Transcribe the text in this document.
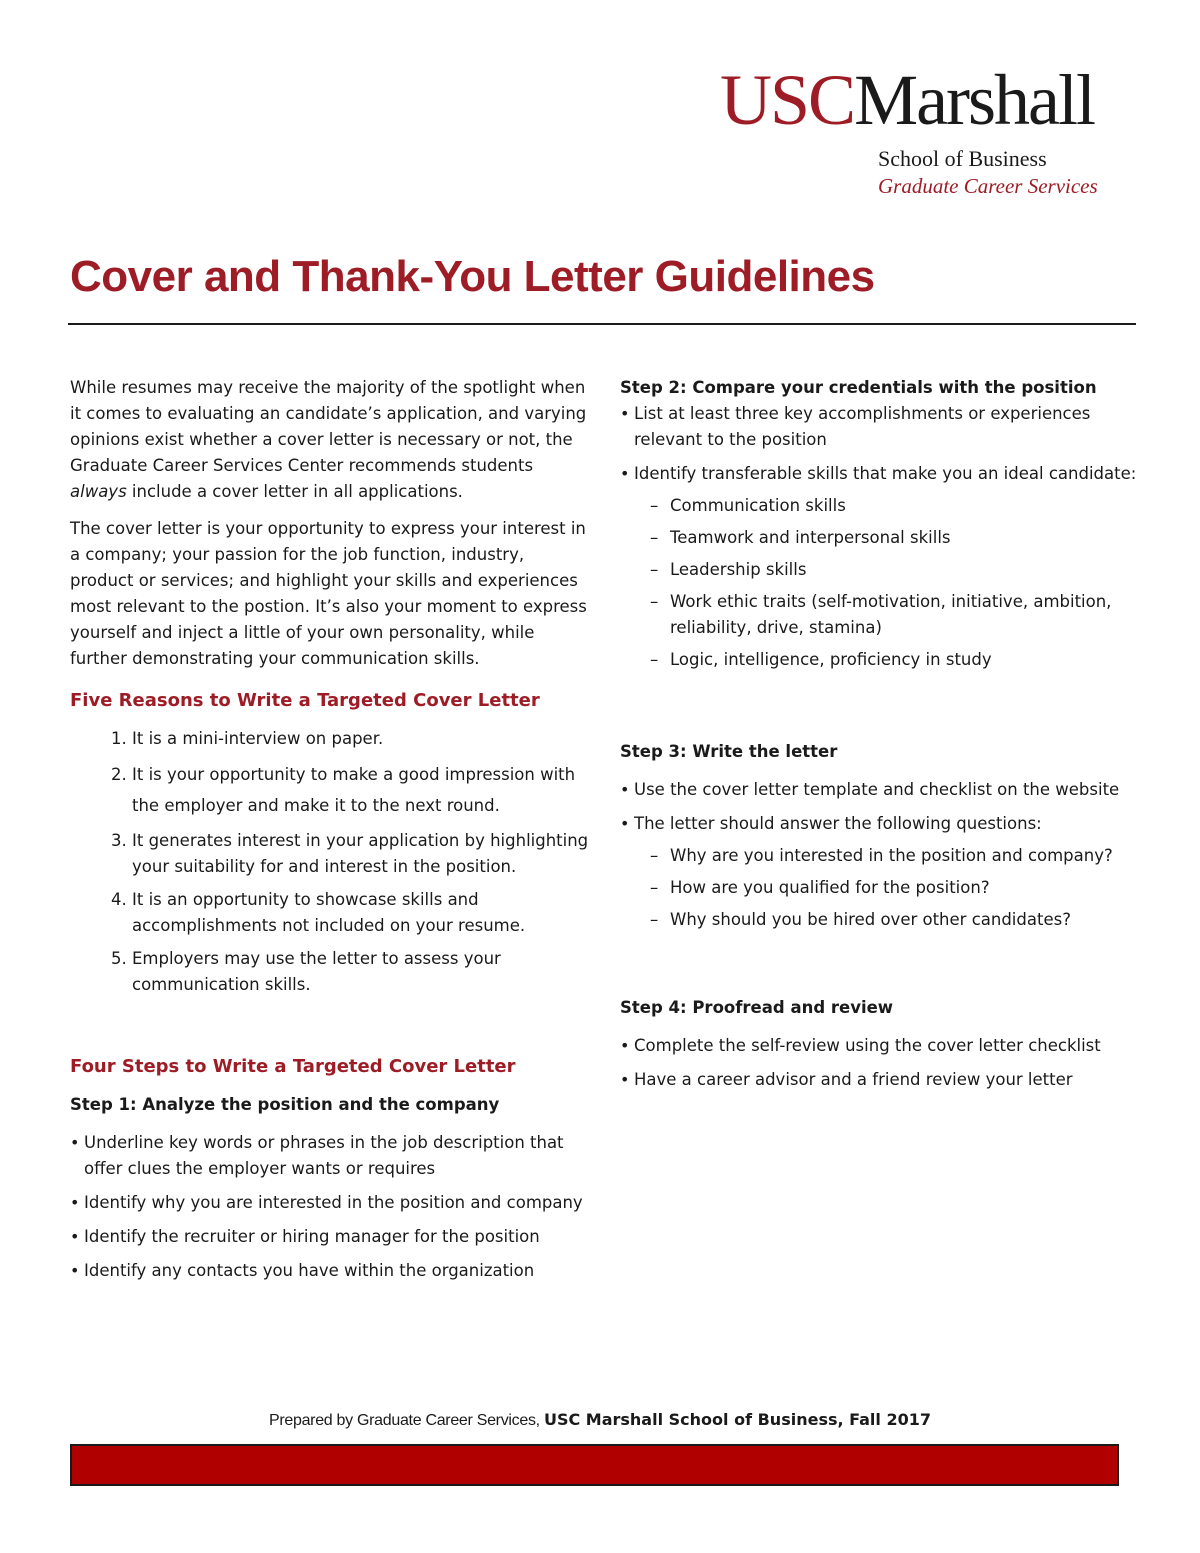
USCMarshall
School of Business
Graduate Career Services
Cover and Thank-You Letter Guidelines

While resumes may receive the majority of the spotlight when it comes to evaluating an candidate’s application, and varying opinions exist whether a cover letter is necessary or not, the Graduate Career Services Center recommends students always include a cover letter in all applications.

The cover letter is your opportunity to express your interest in a company; your passion for the job function, industry, product or services; and highlight your skills and experiences most relevant to the postion. It’s also your moment to express yourself and inject a little of your own personality, while further demonstrating your communication skills.

Five Reasons to Write a Targeted Cover Letter
1. It is a mini-interview on paper.
2. It is your opportunity to make a good impression with the employer and make it to the next round.
3. It generates interest in your application by highlighting your suitability for and interest in the position.
4. It is an opportunity to showcase skills and accomplishments not included on your resume.
5. Employers may use the letter to assess your communication skills.
Four Steps to Write a Targeted Cover Letter
Step 1: Analyze the position and the company
• Underline key words or phrases in the job description that offer clues the employer wants or requires
• Identify why you are interested in the position and company
• Identify the recruiter or hiring manager for the position
• Identify any contacts you have within the organization
Step 2: Compare your credentials with the position
• List at least three key accomplishments or experiences relevant to the position
• Identify transferable skills that make you an ideal candidate:
– Communication skills
– Teamwork and interpersonal skills
– Leadership skills
– Work ethic traits (self-motivation, initiative, ambition, reliability, drive, stamina)
– Logic, intelligence, proficiency in study
Step 3: Write the letter
• Use the cover letter template and checklist on the website
• The letter should answer the following questions:
– Why are you interested in the position and company?
– How are you qualified for the position?
– Why should you be hired over other candidates?
Step 4: Proofread and review
• Complete the self-review using the cover letter checklist
• Have a career advisor and a friend review your letter
Prepared by Graduate Career Services, USC Marshall School of Business, Fall 2017
